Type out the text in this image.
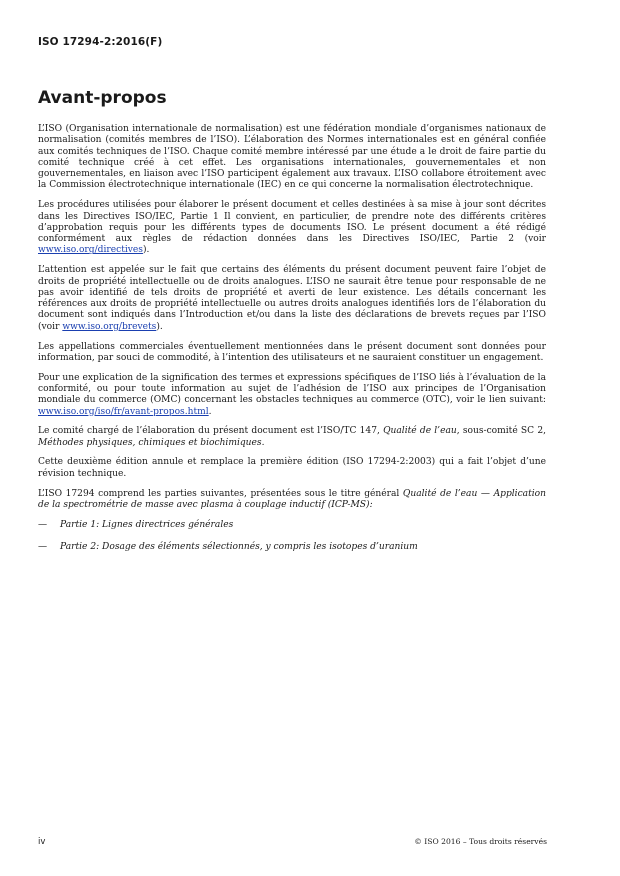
ISO 17294-2:2016(F)
Avant-propos

L’ISO (Organisation internationale de normalisation) est une fédération mondiale d’organismes nationaux de normalisation (comités membres de l’ISO). L’élaboration des Normes internationales est en général confiée aux comités techniques de l’ISO. Chaque comité membre intéressé par une étude a le droit de faire partie du comité technique créé à cet effet. Les organisations internationales, gouvernementales et non gouvernementales, en liaison avec l’ISO participent également aux travaux. L’ISO collabore étroitement avec la Commission électrotechnique internationale (IEC) en ce qui concerne la normalisation électrotechnique.

Les procédures utilisées pour élaborer le présent document et celles destinées à sa mise à jour sont décrites dans les Directives ISO/IEC, Partie 1 Il convient, en particulier, de prendre note des différents critères d’approbation requis pour les différents types de documents ISO. Le présent document a été rédigé conformément aux règles de rédaction données dans les Directives ISO/IEC, Partie 2 (voir www.iso.org/directives).

L’attention est appelée sur le fait que certains des éléments du présent document peuvent faire l’objet de droits de propriété intellectuelle ou de droits analogues. L’ISO ne saurait être tenue pour responsable de ne pas avoir identifié de tels droits de propriété et averti de leur existence. Les détails concernant les références aux droits de propriété intellectuelle ou autres droits analogues identifiés lors de l’élaboration du document sont indiqués dans l’Introduction et/ou dans la liste des déclarations de brevets reçues par l’ISO (voir www.iso.org/brevets).

Les appellations commerciales éventuellement mentionnées dans le présent document sont données pour information, par souci de commodité, à l’intention des utilisateurs et ne sauraient constituer un engagement.

Pour une explication de la signification des termes et expressions spécifiques de l’ISO liés à l’évaluation de la conformité, ou pour toute information au sujet de l’adhésion de l’ISO aux principes de l’Organisation mondiale du commerce (OMC) concernant les obstacles techniques au commerce (OTC), voir le lien suivant: www.iso.org/iso/fr/avant-propos.html.

Le comité chargé de l’élaboration du présent document est l’ISO/TC 147, Qualité de l’eau, sous-comité SC 2, Méthodes physiques, chimiques et biochimiques.

Cette deuxième édition annule et remplace la première édition (ISO 17294-2:2003) qui a fait l’objet d’une révision technique.

L’ISO 17294 comprend les parties suivantes, présentées sous le titre général Qualité de l’eau — Application de la spectrométrie de masse avec plasma à couplage inductif (ICP-MS):

— Partie 1: Lignes directrices générales

— Partie 2: Dosage des éléments sélectionnés, y compris les isotopes d’uranium

iv	© ISO 2016 – Tous droits réservés
